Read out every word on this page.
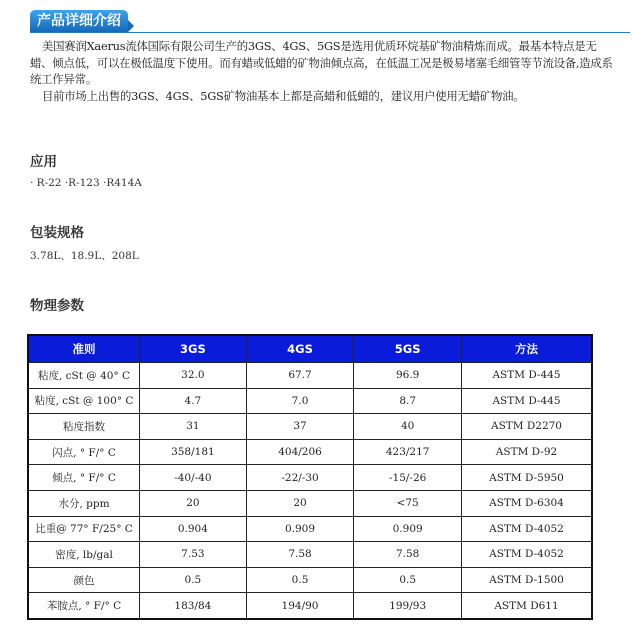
产品详细介绍

美国赛润Xaerus流体国际有限公司生产的3GS、4GS、5GS是选用优质环烷基矿物油精炼而成。最基本特点是无蜡、倾点低，可以在极低温度下使用。而有蜡或低蜡的矿物油倾点高，在低温工况是极易堵塞毛细管等节流设备,造成系统工作异常。

目前市场上出售的3GS、4GS、5GS矿物油基本上都是高蜡和低蜡的，建议用户使用无蜡矿物油。

应用
· R-22 ·R-123 ·R414A
包装规格
3.78L、18.9L、208L
物理参数
准则	3GS	4GS	5GS	方法
粘度, cSt @ 40° C	32.0	67.7	96.9	ASTM D-445
粘度, cSt @ 100° C	4.7	7.0	8.7	ASTM D-445
粘度指数	31	37	40	ASTM D2270
闪点, ° F/° C	358/181	404/206	423/217	ASTM D-92
倾点, ° F/° C	-40/-40	-22/-30	-15/-26	ASTM D-5950
水分, ppm	20	20	<75	ASTM D-6304
比重@ 77° F/25° C	0.904	0.909	0.909	ASTM D-4052
密度, lb/gal	7.53	7.58	7.58	ASTM D-4052
颜色	0.5	0.5	0.5	ASTM D-1500
苯胺点, ° F/° C	183/84	194/90	199/93	ASTM D611
